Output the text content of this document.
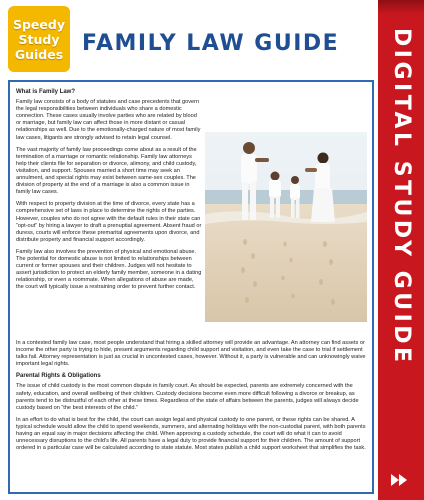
Speedy
Study
Guides FAMILY LAW GUIDE	DIGITAL STUDY GUIDE
What is Family Law?

Family law consists of a body of statutes and case precedents that govern the legal responsibilities between individuals who share a domestic connection. These cases usually involve parties who are related by blood or marriage, but family law can affect those in more distant or casual relationships as well. Due to the emotionally-charged nature of most family law cases, litigants are strongly advised to retain legal counsel.

The vast majority of family law proceedings come about as a result of the termination of a marriage or romantic relationship. Family law attorneys help their clients file for separation or divorce, alimony, and child custody, visitation, and support. Spouses married a short time may seek an annulment, and special rights may exist between same-sex couples. The division of property at the end of a marriage is also a common issue in family law cases.

With respect to property division at the time of divorce, every state has a comprehensive set of laws in place to determine the rights of the parties. However, couples who do not agree with the default rules in their state can “opt-out” by hiring a lawyer to draft a prenuptial agreement. Absent fraud or duress, courts will enforce these premarital agreements upon divorce, and distribute property and financial support accordingly.

Family law also involves the prevention of physical and emotional abuse. The potential for domestic abuse is not limited to relationships between current or former spouses and their children. Judges will not hesitate to assert jurisdiction to protect an elderly family member, someone in a dating relationship, or even a roommate. When allegations of abuse are made, the court will typically issue a restraining order to prevent further contact.

In a contested family law case, most people understand that hiring a skilled attorney will provide an advantage. An attorney can find assets or income the other party is trying to hide, present arguments regarding child support and visitation, and even take the case to trial if settlement talks fail. Attorney representation is just as crucial in uncontested cases, however. Without it, a party is vulnerable and can unknowingly waive important legal rights.

Parental Rights & Obligations

The issue of child custody is the most common dispute in family court. As should be expected, parents are extremely concerned with the safety, education, and overall wellbeing of their children. Custody decisions become even more difficult following a divorce or breakup, as parents tend to be distrustful of each other at these times. Regardless of the state of affairs between the parents, judges will always decide custody based on “the best interests of the child.”

In an effort to do what is best for the child, the court can assign legal and physical custody to one parent, or these rights can be shared. A typical schedule would allow the child to spend weekends, summers, and alternating holidays with the non-custodial parent, with both parents having an equal say in major decisions affecting the child. When approving a custody schedule, the court will do what it can to avoid unnecessary disruptions to the child’s life. All parents have a legal duty to provide financial support for their children. The amount of support ordered in a particular case will be calculated according to state statute. Most states publish a child support worksheet that simplifies the task.
